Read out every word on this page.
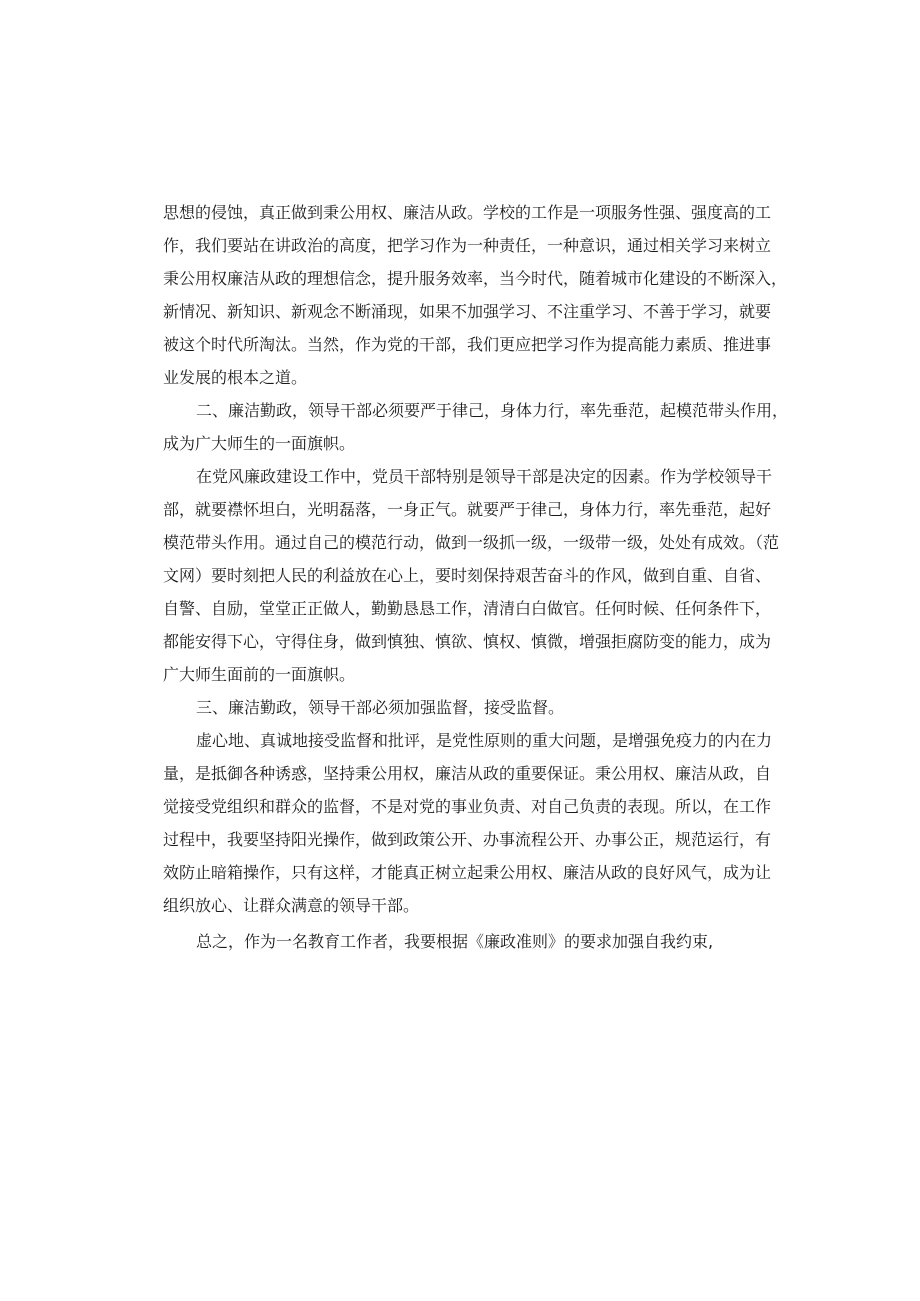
思想的侵蚀，真正做到秉公用权、廉洁从政。学校的工作是一项服务性强、强度高的工
作，我们要站在讲政治的高度，把学习作为一种责任，一种意识，通过相关学习来树立
秉公用权廉洁从政的理想信念，提升服务效率，当今时代，随着城市化建设的不断深入，
新情况、新知识、新观念不断涌现，如果不加强学习、不注重学习、不善于学习，就要
被这个时代所淘汰。当然，作为党的干部，我们更应把学习作为提高能力素质、推进事
业发展的根本之道。
二、廉洁勤政，领导干部必须要严于律己，身体力行，率先垂范，起模范带头作用，
成为广大师生的一面旗帜。
在党风廉政建设工作中，党员干部特别是领导干部是决定的因素。作为学校领导干
部，就要襟怀坦白，光明磊落，一身正气。就要严于律己，身体力行，率先垂范，起好
模范带头作用。通过自己的模范行动，做到一级抓一级，一级带一级，处处有成效。（范
文网）要时刻把人民的利益放在心上，要时刻保持艰苦奋斗的作风，做到自重、自省、
自警、自励，堂堂正正做人，勤勤恳恳工作，清清白白做官。任何时候、任何条件下，
都能安得下心，守得住身，做到慎独、慎欲、慎权、慎微，增强拒腐防变的能力，成为
广大师生面前的一面旗帜。
三、廉洁勤政，领导干部必须加强监督，接受监督。
虚心地、真诚地接受监督和批评，是党性原则的重大问题，是增强免疫力的内在力
量，是抵御各种诱惑，坚持秉公用权，廉洁从政的重要保证。秉公用权、廉洁从政，自
觉接受党组织和群众的监督，不是对党的事业负责、对自己负责的表现。所以，在工作
过程中，我要坚持阳光操作，做到政策公开、办事流程公开、办事公正，规范运行，有
效防止暗箱操作，只有这样，才能真正树立起秉公用权、廉洁从政的良好风气，成为让
组织放心、让群众满意的领导干部。
总之，作为一名教育工作者，我要根据《廉政准则》的要求加强自我约束,
